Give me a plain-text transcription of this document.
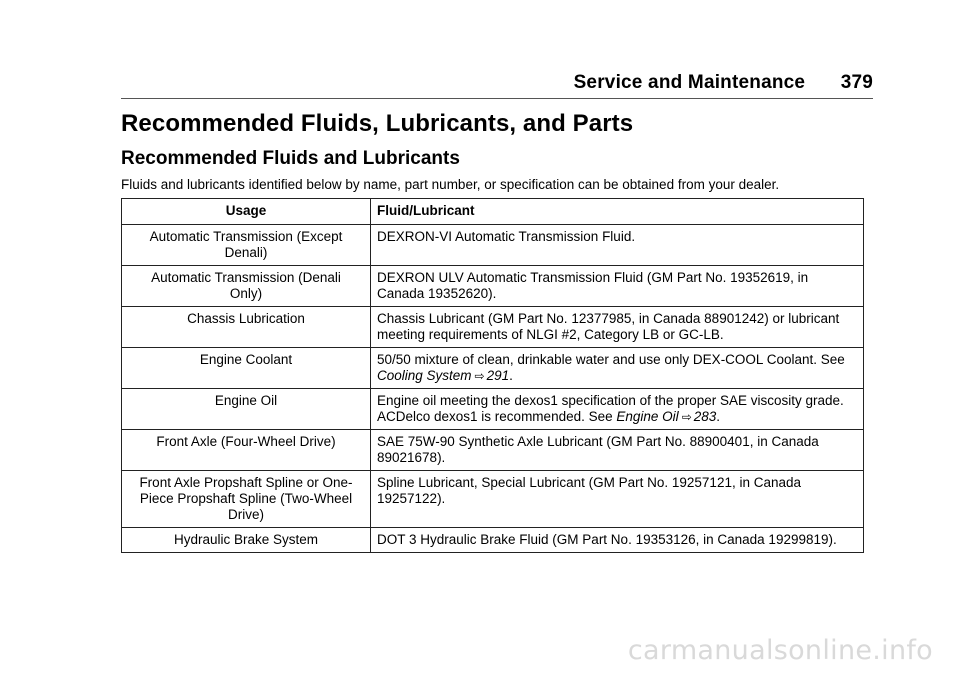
Service and Maintenance 379
Recommended Fluids, Lubricants, and Parts
Recommended Fluids and Lubricants

Fluids and lubricants identified below by name, part number, or specification can be obtained from your dealer.

Usage	Fluid/Lubricant
Automatic Transmission (Except Denali)	DEXRON-VI Automatic Transmission Fluid.
Automatic Transmission (Denali Only)	DEXRON ULV Automatic Transmission Fluid (GM Part No. 19352619, in Canada 19352620).
Chassis Lubrication	Chassis Lubricant (GM Part No. 12377985, in Canada 88901242) or lubricant meeting requirements of NLGI #2, Category LB or GC-LB.
Engine Coolant	50/50 mixture of clean, drinkable water and use only DEX-COOL Coolant. See Cooling System ⇨ 291.
Engine Oil	Engine oil meeting the dexos1 specification of the proper SAE viscosity grade. ACDelco dexos1 is recommended. See Engine Oil ⇨ 283.
Front Axle (Four-Wheel Drive)	SAE 75W-90 Synthetic Axle Lubricant (GM Part No. 88900401, in Canada 89021678).
Front Axle Propshaft Spline or One-Piece Propshaft Spline (Two-Wheel Drive)	Spline Lubricant, Special Lubricant (GM Part No. 19257121, in Canada 19257122).
Hydraulic Brake System	DOT 3 Hydraulic Brake Fluid (GM Part No. 19353126, in Canada 19299819).
carmanualsonline.info
